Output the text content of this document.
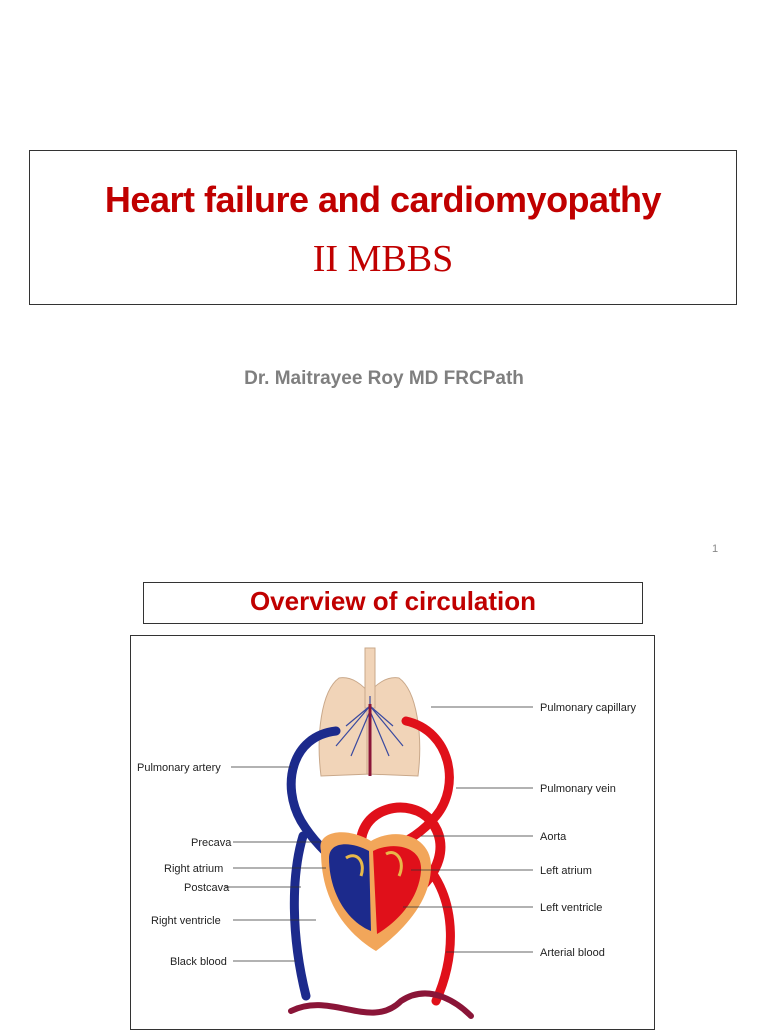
Heart failure and cardiomyopathy
II MBBS
Dr. Maitrayee Roy MD FRCPath
1
Overview of circulation
Pulmonary artery
Precava
Right atrium
Postcava
Right ventricle
Black blood
Pulmonary capillary
Pulmonary vein
Aorta
Left atrium
Left ventricle
Arterial blood
